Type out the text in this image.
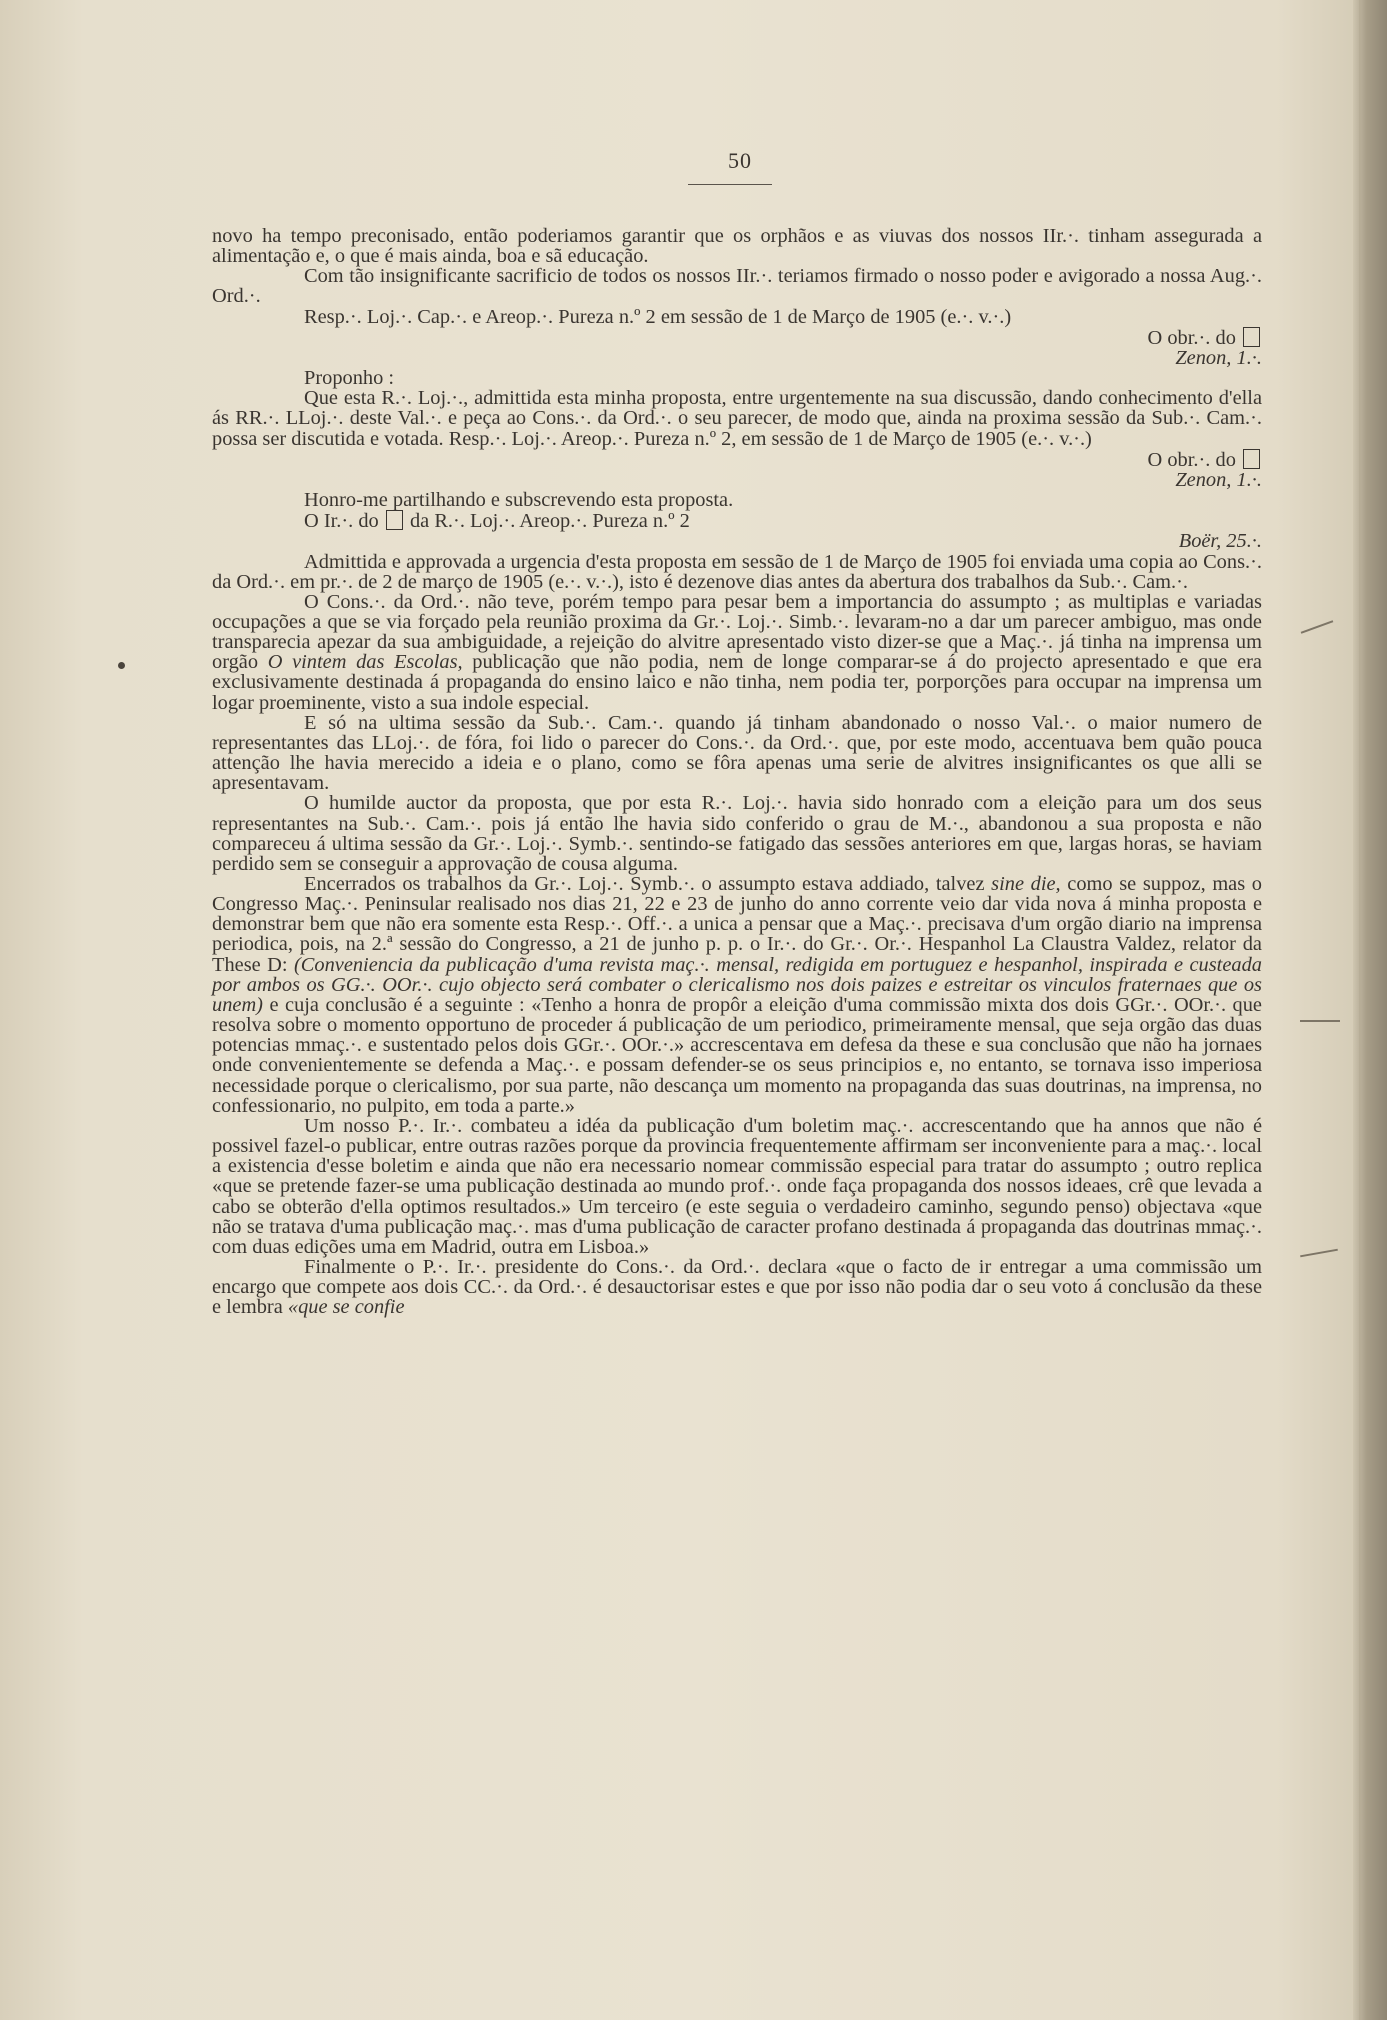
50

novo ha tempo preconisado, então poderiamos garantir que os orphãos e as viuvas dos nossos IIr.·. tinham assegurada a alimentação e, o que é mais ainda, boa e sã educação.

Com tão insignificante sacrificio de todos os nossos IIr.·. teriamos firmado o nosso poder e avigorado a nossa Aug.·. Ord.·.

Resp.·. Loj.·. Cap.·. e Areop.·. Pureza n.º 2 em sessão de 1 de Março de 1905 (e.·. v.·.)

O obr.·. do
Zenon, 1.·.

Proponho :

Que esta R.·. Loj.·., admittida esta minha proposta, entre urgentemente na sua discussão, dando conhecimento d'ella ás RR.·. LLoj.·. deste Val.·. e peça ao Cons.·. da Ord.·. o seu parecer, de modo que, ainda na proxima sessão da Sub.·. Cam.·. possa ser discutida e votada. Resp.·. Loj.·. Areop.·. Pureza n.º 2, em sessão de 1 de Março de 1905 (e.·. v.·.)

O obr.·. do
Zenon, 1.·.

Honro-me partilhando e subscrevendo esta proposta.

O Ir.·. do da R.·. Loj.·. Areop.·. Pureza n.º 2
Boër, 25.·.

Admittida e approvada a urgencia d'esta proposta em sessão de 1 de Março de 1905 foi enviada uma copia ao Cons.·. da Ord.·. em pr.·. de 2 de março de 1905 (e.·. v.·.), isto é dezenove dias antes da abertura dos trabalhos da Sub.·. Cam.·.

O Cons.·. da Ord.·. não teve, porém tempo para pesar bem a importancia do assumpto ; as multiplas e variadas occupações a que se via forçado pela reunião proxima da Gr.·. Loj.·. Simb.·. levaram-no a dar um parecer ambiguo, mas onde transparecia apezar da sua ambiguidade, a rejeição do alvitre apresentado visto dizer-se que a Maç.·. já tinha na imprensa um orgão O vintem das Escolas, publicação que não podia, nem de longe comparar-se á do projecto apresentado e que era exclusivamente destinada á propaganda do ensino laico e não tinha, nem podia ter, porporções para occupar na imprensa um logar proeminente, visto a sua indole especial.

E só na ultima sessão da Sub.·. Cam.·. quando já tinham abandonado o nosso Val.·. o maior numero de representantes das LLoj.·. de fóra, foi lido o parecer do Cons.·. da Ord.·. que, por este modo, accentuava bem quão pouca attenção lhe havia merecido a ideia e o plano, como se fôra apenas uma serie de alvitres insignificantes os que alli se apresentavam.

O humilde auctor da proposta, que por esta R.·. Loj.·. havia sido honrado com a eleição para um dos seus representantes na Sub.·. Cam.·. pois já então lhe havia sido conferido o grau de M.·., abandonou a sua proposta e não compareceu á ultima sessão da Gr.·. Loj.·. Symb.·. sentindo-se fatigado das sessões anteriores em que, largas horas, se haviam perdido sem se conseguir a approvação de cousa alguma.

Encerrados os trabalhos da Gr.·. Loj.·. Symb.·. o assumpto estava addiado, talvez sine die, como se suppoz, mas o Congresso Maç.·. Peninsular realisado nos dias 21, 22 e 23 de junho do anno corrente veio dar vida nova á minha proposta e demonstrar bem que não era somente esta Resp.·. Off.·. a unica a pensar que a Maç.·. precisava d'um orgão diario na imprensa periodica, pois, na 2.ª sessão do Congresso, a 21 de junho p. p. o Ir.·. do Gr.·. Or.·. Hespanhol La Claustra Valdez, relator da These D: (Conveniencia da publicação d'uma revista maç.·. mensal, redigida em portuguez e hespanhol, inspirada e custeada por ambos os GG.·. OOr.·. cujo objecto será combater o clericalismo nos dois paizes e estreitar os vinculos fraternaes que os unem) e cuja conclusão é a seguinte : «Tenho a honra de propôr a eleição d'uma commissão mixta dos dois GGr.·. OOr.·. que resolva sobre o momento opportuno de proceder á publicação de um periodico, primeiramente mensal, que seja orgão das duas potencias mmaç.·. e sustentado pelos dois GGr.·. OOr.·.» accrescentava em defesa da these e sua conclusão que não ha jornaes onde convenientemente se defenda a Maç.·. e possam defender-se os seus principios e, no entanto, se tornava isso imperiosa necessidade porque o clericalismo, por sua parte, não descança um momento na propaganda das suas doutrinas, na imprensa, no confessionario, no pulpito, em toda a parte.»

Um nosso P.·. Ir.·. combateu a idéa da publicação d'um boletim maç.·. accrescentando que ha annos que não é possivel fazel-o publicar, entre outras razões porque da provincia frequentemente affirmam ser inconveniente para a maç.·. local a existencia d'esse boletim e ainda que não era necessario nomear commissão especial para tratar do assumpto ; outro replica «que se pretende fazer-se uma publicação destinada ao mundo prof.·. onde faça propaganda dos nossos ideaes, crê que levada a cabo se obterão d'ella optimos resultados.» Um terceiro (e este seguia o verdadeiro caminho, segundo penso) objectava «que não se tratava d'uma publicação maç.·. mas d'uma publicação de caracter profano destinada á propaganda das doutrinas mmaç.·. com duas edições uma em Madrid, outra em Lisboa.»

Finalmente o P.·. Ir.·. presidente do Cons.·. da Ord.·. declara «que o facto de ir entregar a uma commissão um encargo que compete aos dois CC.·. da Ord.·. é desauctorisar estes e que por isso não podia dar o seu voto á conclusão da these e lembra «que se confie
